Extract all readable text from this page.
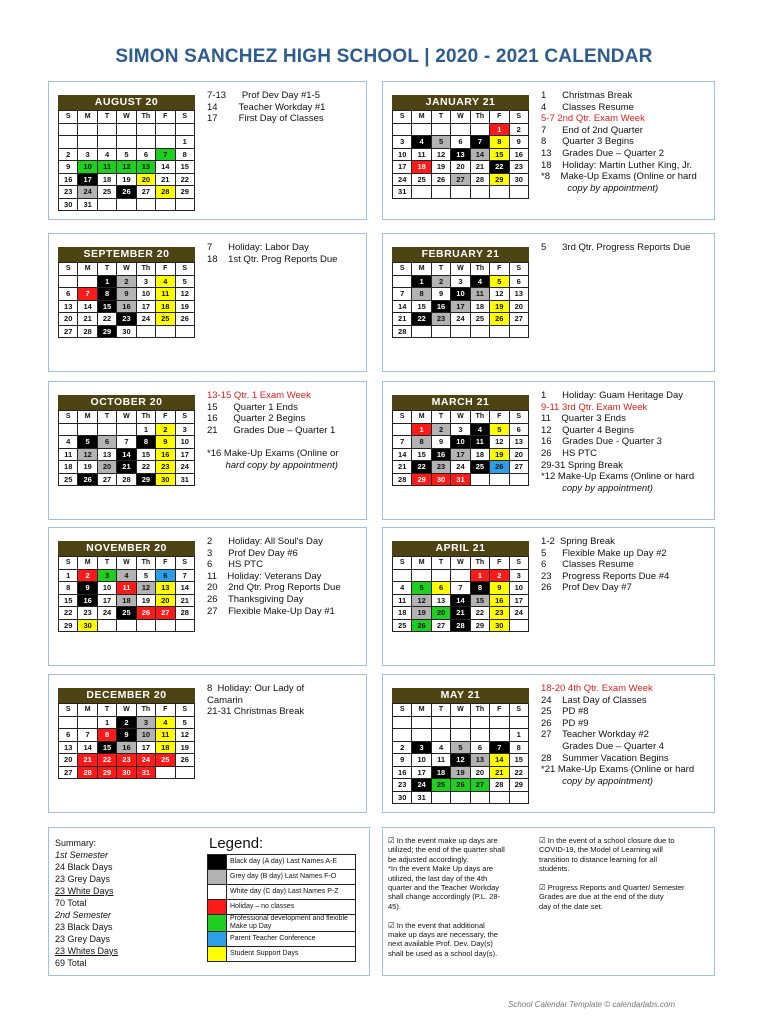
SIMON SANCHEZ HIGH SCHOOL | 2020 - 2021 CALENDAR
AUGUST 20
S	M	T	W	Th	F	S

						1
2	3	4	5	6	7	8
9	10	11	12	13	14	15
16	17	18	19	20	21	22
23	24	25	26	27	28	29
30	31					
7-13      Prof Dev Day #1-5
14        Teacher Workday #1
17        First Day of Classes
JANUARY 21
S	M	T	W	Th	F	S
					1	2
3	4	5	6	7	8	9
10	11	12	13	14	15	16
17	18	19	20	21	22	23
24	25	26	27	28	29	30
31						
1      Christmas Break
4      Classes Resume
5-7 2nd Qtr. Exam Week
7      End of 2nd Quarter
8      Quarter 3 Begins
13    Grades Due – Quarter 2
18    Holiday: Martin Luther King, Jr.
*8    Make-Up Exams (Online or hard
copy by appointment)
SEPTEMBER 20
S	M	T	W	Th	F	S
		1	2	3	4	5
6	7	8	9	10	11	12
13	14	15	16	17	18	19
20	21	22	23	24	25	26
27	28	29	30			
7      Holiday: Labor Day
18    1st Qtr. Prog Reports Due	FEBRUARY 21
S	M	T	W	Th	F	S
	1	2	3	4	5	6
7	8	9	10	11	12	13
14	15	16	17	18	19	20
21	22	23	24	25	26	27
28						
5      3rd Qtr. Progress Reports Due
OCTOBER 20
S	M	T	W	Th	F	S
				1	2	3
4	5	6	7	8	9	10
11	12	13	14	15	16	17
18	19	20	21	22	23	24
25	26	27	28	29	30	31
13-15 Qtr. 1 Exam Week
15      Quarter 1 Ends
16      Quarter 2 Begins
21      Grades Due – Quarter 1

*16 Make-Up Exams (Online or
hard copy by appointment)
MARCH 21
S	M	T	W	Th	F	S
	1	2	3	4	5	6
7	8	9	10	11	12	13
14	15	16	17	18	19	20
21	22	23	24	25	26	27
28	29	30	31			
1      Holiday: Guam Heritage Day
9-11 3rd Qtr. Exam Week
11    Quarter 3 Ends
12    Quarter 4 Begins
16    Grades Due - Quarter 3
26    HS PTC
29-31 Spring Break
*12 Make-Up Exams (Online or hard
copy by appointment)
NOVEMBER 20
S	M	T	W	Th	F	S
1	2	3	4	5	6	7
8	9	10	11	12	13	14
15	16	17	18	19	20	21
22	23	24	25	26	27	28
29	30					
2      Holiday: All Soul's Day
3      Prof Dev Day #6
6      HS PTC
11    Holiday: Veterans Day
20    2nd Qtr. Prog Reports Due
26    Thanksgiving Day
27    Flexible Make-Up Day #1
APRIL 21
S	M	T	W	Th	F	S
				1	2	3
4	5	6	7	8	9	10
11	12	13	14	15	16	17
18	19	20	21	22	23	24
25	26	27	28	29	30	
1-2  Spring Break
5      Flexible Make up Day #2
6      Classes Resume
23    Progress Reports Due #4
26    Prof Dev Day #7
DECEMBER 20
S	M	T	W	Th	F	S
		1	2	3	4	5
6	7	8	9	10	11	12
13	14	15	16	17	18	19
20	21	22	23	24	25	26
27	28	29	30	31		
8  Holiday: Our Lady of
Camarin
21-31 Christmas Break
MAY 21
S	M	T	W	Th	F	S

						1
2	3	4	5	6	7	8
9	10	11	12	13	14	15
16	17	18	19	20	21	22
23	24	25	26	27	28	29
30	31					
18-20 4th Qtr. Exam Week
24    Last Day of Classes
25    PD #8
26    PD #9
27    Teacher Workday #2
Grades Due – Quarter 4
28    Summer Vacation Begins
*21 Make-Up Exams (Online or hard
copy by appointment)
Summary:
1st Semester
24 Black Days
23 Grey Days
23 White Days
70 Total
2nd Semester
23 Black Days
23 Grey Days
23 Whites Days
69 Total
Legend:
	Black day (A day) Last Names A-E
	Grey day (B day) Last Names F-O
	White day (C day) Last Names P-Z
	Holiday – no classes
	Professional development and flexible Make up Day
	Parent Teacher Conference
	Student Support Days
☑ In the event make up days are
utilized; the end of the quarter shall
be adjusted accordingly.
*In the event Make Up days are
utilized, the last day of the 4th
quarter and the Teacher Workday
shall change accordingly (P.L. 28-
45).

☑ In the event that additional
make up days are necessary, the
next available Prof. Dev. Day(s)
shall be used as a school day(s).
☑ In the event of a school closure due to
COVID-19, the Model of Learning will
transition to distance learning for all
students.

☑ Progress Reports and Quarter/ Semester
Grades are due at the end of the duty
day of the date set.
School Calendar Template © calendarlabs.com
